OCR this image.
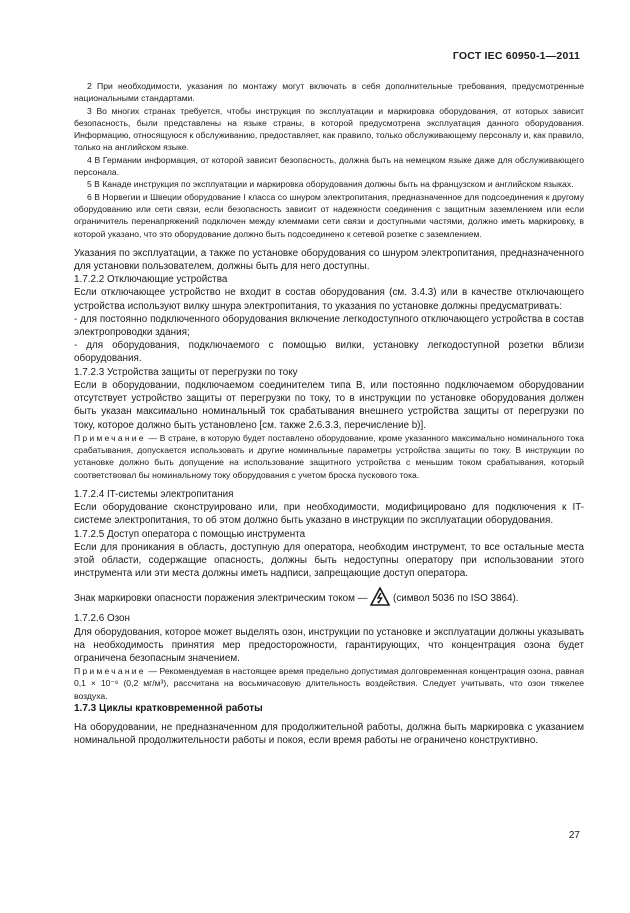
ГОСТ IEC 60950-1—2011

2 При необходимости, указания по монтажу могут включать в себя дополнительные требования, предусмотренные национальными стандартами.

3 Во многих странах требуется, чтобы инструкция по эксплуатации и маркировка оборудования, от которых зависит безопасность, были представлены на языке страны, в которой предусмотрена эксплуатация данного оборудования. Информацию, относящуюся к обслуживанию, предоставляет, как правило, только обслуживающему персоналу и, как правило, только на английском языке.

4 В Германии информация, от которой зависит безопасность, должна быть на немецком языке даже для обслуживающего персонала.

5 В Канаде инструкция по эксплуатации и маркировка оборудования должны быть на французском и английском языках.

6 В Норвегии и Швеции оборудование I класса со шнуром электропитания, предназначенное для подсоединения к другому оборудованию или сети связи, если безопасность зависит от надежности соединения с защитным заземлением или если ограничитель перенапряжений подключен между клеммами сети связи и доступными частями, должно иметь маркировку, в которой указано, что это оборудование должно быть подсоединено к сетевой розетке с заземлением.

Указания по эксплуатации, а также по установке оборудования со шнуром электропитания, предназначенного для установки пользователем, должны быть для него доступны.

1.7.2.2 Отключающие устройства

Если отключающее устройство не входит в состав оборудования (см. 3.4.3) или в качестве отключающего устройства используют вилку шнура электропитания, то указания по установке должны предусматривать:

- для постоянно подключенного оборудования включение легкодоступного отключающего устройства в состав электропроводки здания;

- для оборудования, подключаемого с помощью вилки, установку легкодоступной розетки вблизи оборудования.

1.7.2.3 Устройства защиты от перегрузки по току

Если в оборудовании, подключаемом соединителем типа В, или постоянно подключаемом оборудовании отсутствует устройство защиты от перегрузки по току, то в инструкции по установке оборудования должен быть указан максимально номинальный ток срабатывания внешнего устройства защиты от перегрузки по току, которое должно быть установлено [см. также 2.6.3.3, перечисление b)].

Примечание — В стране, в которую будет поставлено оборудование, кроме указанного максимально номинального тока срабатывания, допускается использовать и другие номинальные параметры устройства защиты по току. В инструкции по установке должно быть допущение на использование защитного устройства с меньшим током срабатывания, который соответствовал бы номинальному току оборудования с учетом броска пускового тока.

1.7.2.4 IT-системы электропитания

Если оборудование сконструировано или, при необходимости, модифицировано для подключения к IT-системе электропитания, то об этом должно быть указано в инструкции по эксплуатации оборудования.

1.7.2.5 Доступ оператора с помощью инструмента

Если для проникания в область, доступную для оператора, необходим инструмент, то все остальные места этой области, содержащие опасность, должны быть недоступны оператору при использовании этого инструмента или эти места должны иметь надписи, запрещающие доступ оператора.

Знак маркировки опасности поражения электрическим током —	(символ 5036 по ISO 3864).

1.7.2.6 Озон

Для оборудования, которое может выделять озон, инструкции по установке и эксплуатации должны указывать на необходимость принятия мер предосторожности, гарантирующих, что концентрация озона будет ограничена безопасным значением.

Примечание — Рекомендуемая в настоящее время предельно допустимая долговременная концентрация озона, равная 0,1 × 10⁻⁶ (0,2 мг/м³), рассчитана на восьмичасовую длительность воздействия. Следует учитывать, что озон тяжелее воздуха.

1.7.3 Циклы кратковременной работы

На оборудовании, не предназначенном для продолжительной работы, должна быть маркировка с указанием номинальной продолжительности работы и покоя, если время работы не ограничено конструктивно.

27
